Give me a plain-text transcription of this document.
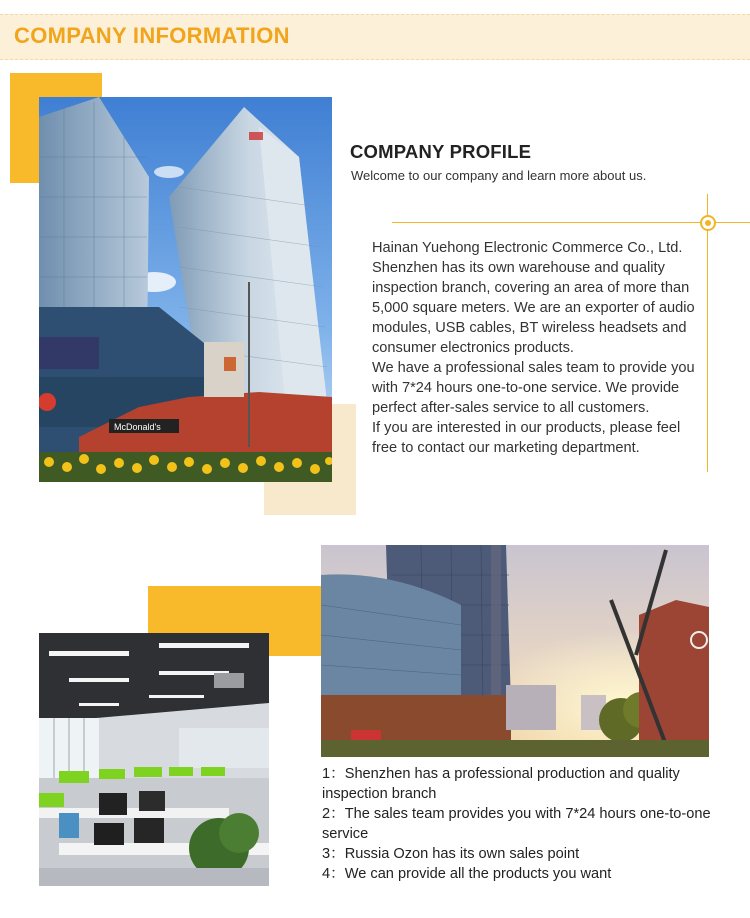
COMPANY INFORMATION
McDonald's
COMPANY PROFILE
Welcome to our company and learn more about us.

Hainan Yuehong Electronic Commerce Co., Ltd.

Shenzhen has its own warehouse and quality inspection branch, covering an area of more than 5,000 square meters. We are an exporter of audio modules, USB cables, BT wireless headsets and consumer electronics products.

We have a professional sales team to provide you with 7*24 hours one-to-one service. We provide perfect after-sales service to all customers.

If you are interested in our products, please feel free to contact our marketing department.

1：Shenzhen has a professional production and quality inspection branch

2：The sales team provides you with 7*24 hours one-to-one service

3：Russia Ozon has its own sales point

4：We can provide all the products you want
